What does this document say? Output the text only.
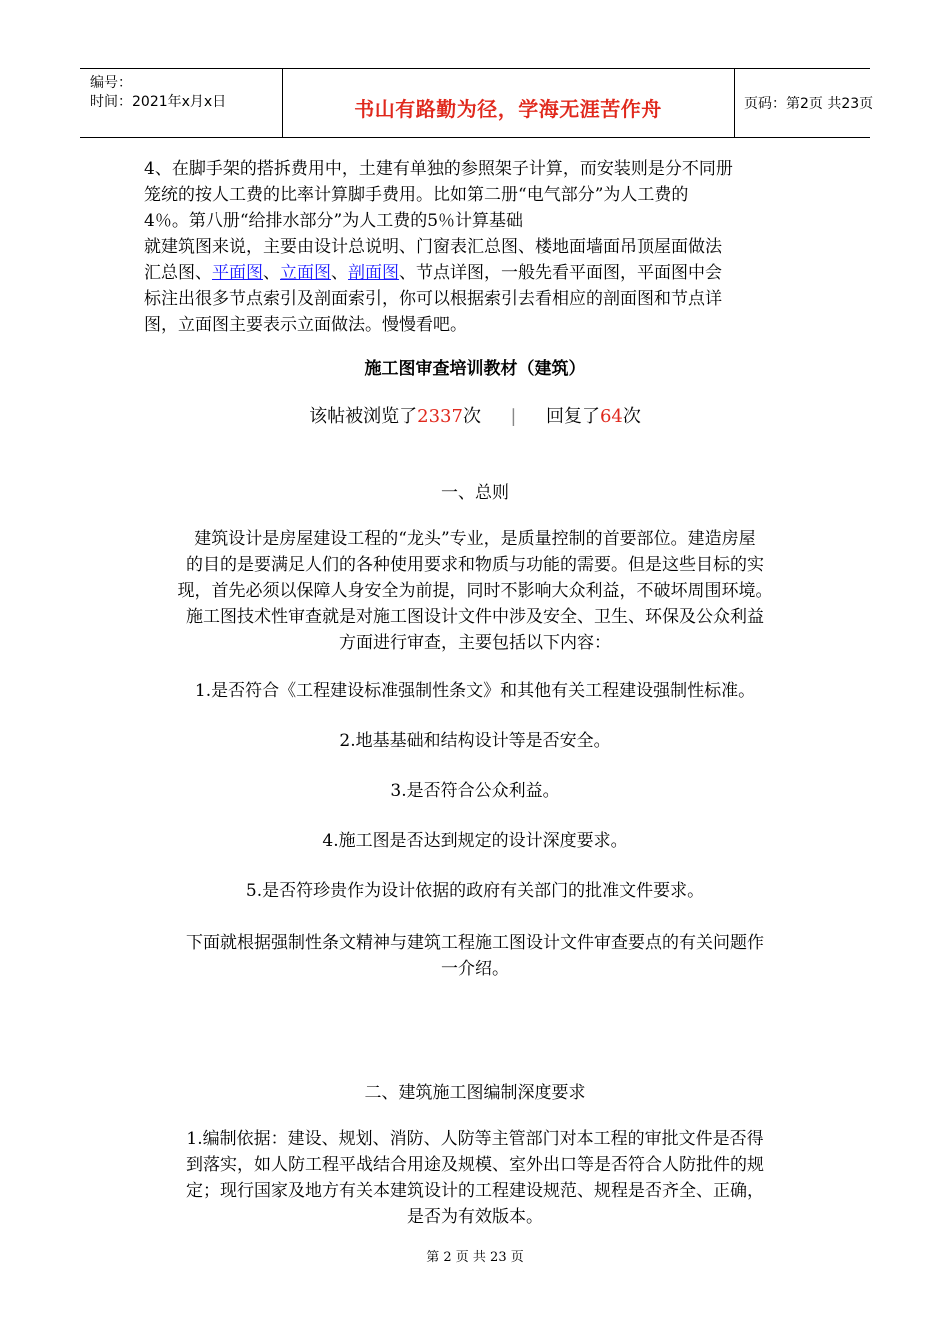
编号：
时间：2021年x月x日	书山有路勤为径，学海无涯苦作舟	页码：第2页 共23页
4、在脚手架的搭拆费用中，土建有单独的参照架子计算，而安装则是分不同册
笼统的按人工费的比率计算脚手费用。比如第二册“电气部分”为人工费的
4％。第八册“给排水部分”为人工费的5％计算基础
就建筑图来说，主要由设计总说明、门窗表汇总图、楼地面墙面吊顶屋面做法
汇总图、平面图、立面图、剖面图、节点详图，一般先看平面图，平面图中会
标注出很多节点索引及剖面索引，你可以根据索引去看相应的剖面图和节点详
图，立面图主要表示立面做法。慢慢看吧。
施工图审查培训教材（建筑）
该帖被浏览了2337次 | 回复了64次
一、总则
建筑设计是房屋建设工程的“龙头”专业，是质量控制的首要部位。建造房屋
的目的是要满足人们的各种使用要求和物质与功能的需要。但是这些目标的实
现，首先必须以保障人身安全为前提，同时不影响大众利益，不破坏周围环境。
施工图技术性审查就是对施工图设计文件中涉及安全、卫生、环保及公众利益
方面进行审查，主要包括以下内容：
1.是否符合《工程建设标准强制性条文》和其他有关工程建设强制性标准。
2.地基基础和结构设计等是否安全。
3.是否符合公众利益。
4.施工图是否达到规定的设计深度要求。
5.是否符珍贵作为设计依据的政府有关部门的批准文件要求。
下面就根据强制性条文精神与建筑工程施工图设计文件审查要点的有关问题作
一介绍。
二、建筑施工图编制深度要求
1.编制依据：建设、规划、消防、人防等主管部门对本工程的审批文件是否得
到落实，如人防工程平战结合用途及规模、室外出口等是否符合人防批件的规
定；现行国家及地方有关本建筑设计的工程建设规范、规程是否齐全、正确，
是否为有效版本。
第 2 页 共 23 页
